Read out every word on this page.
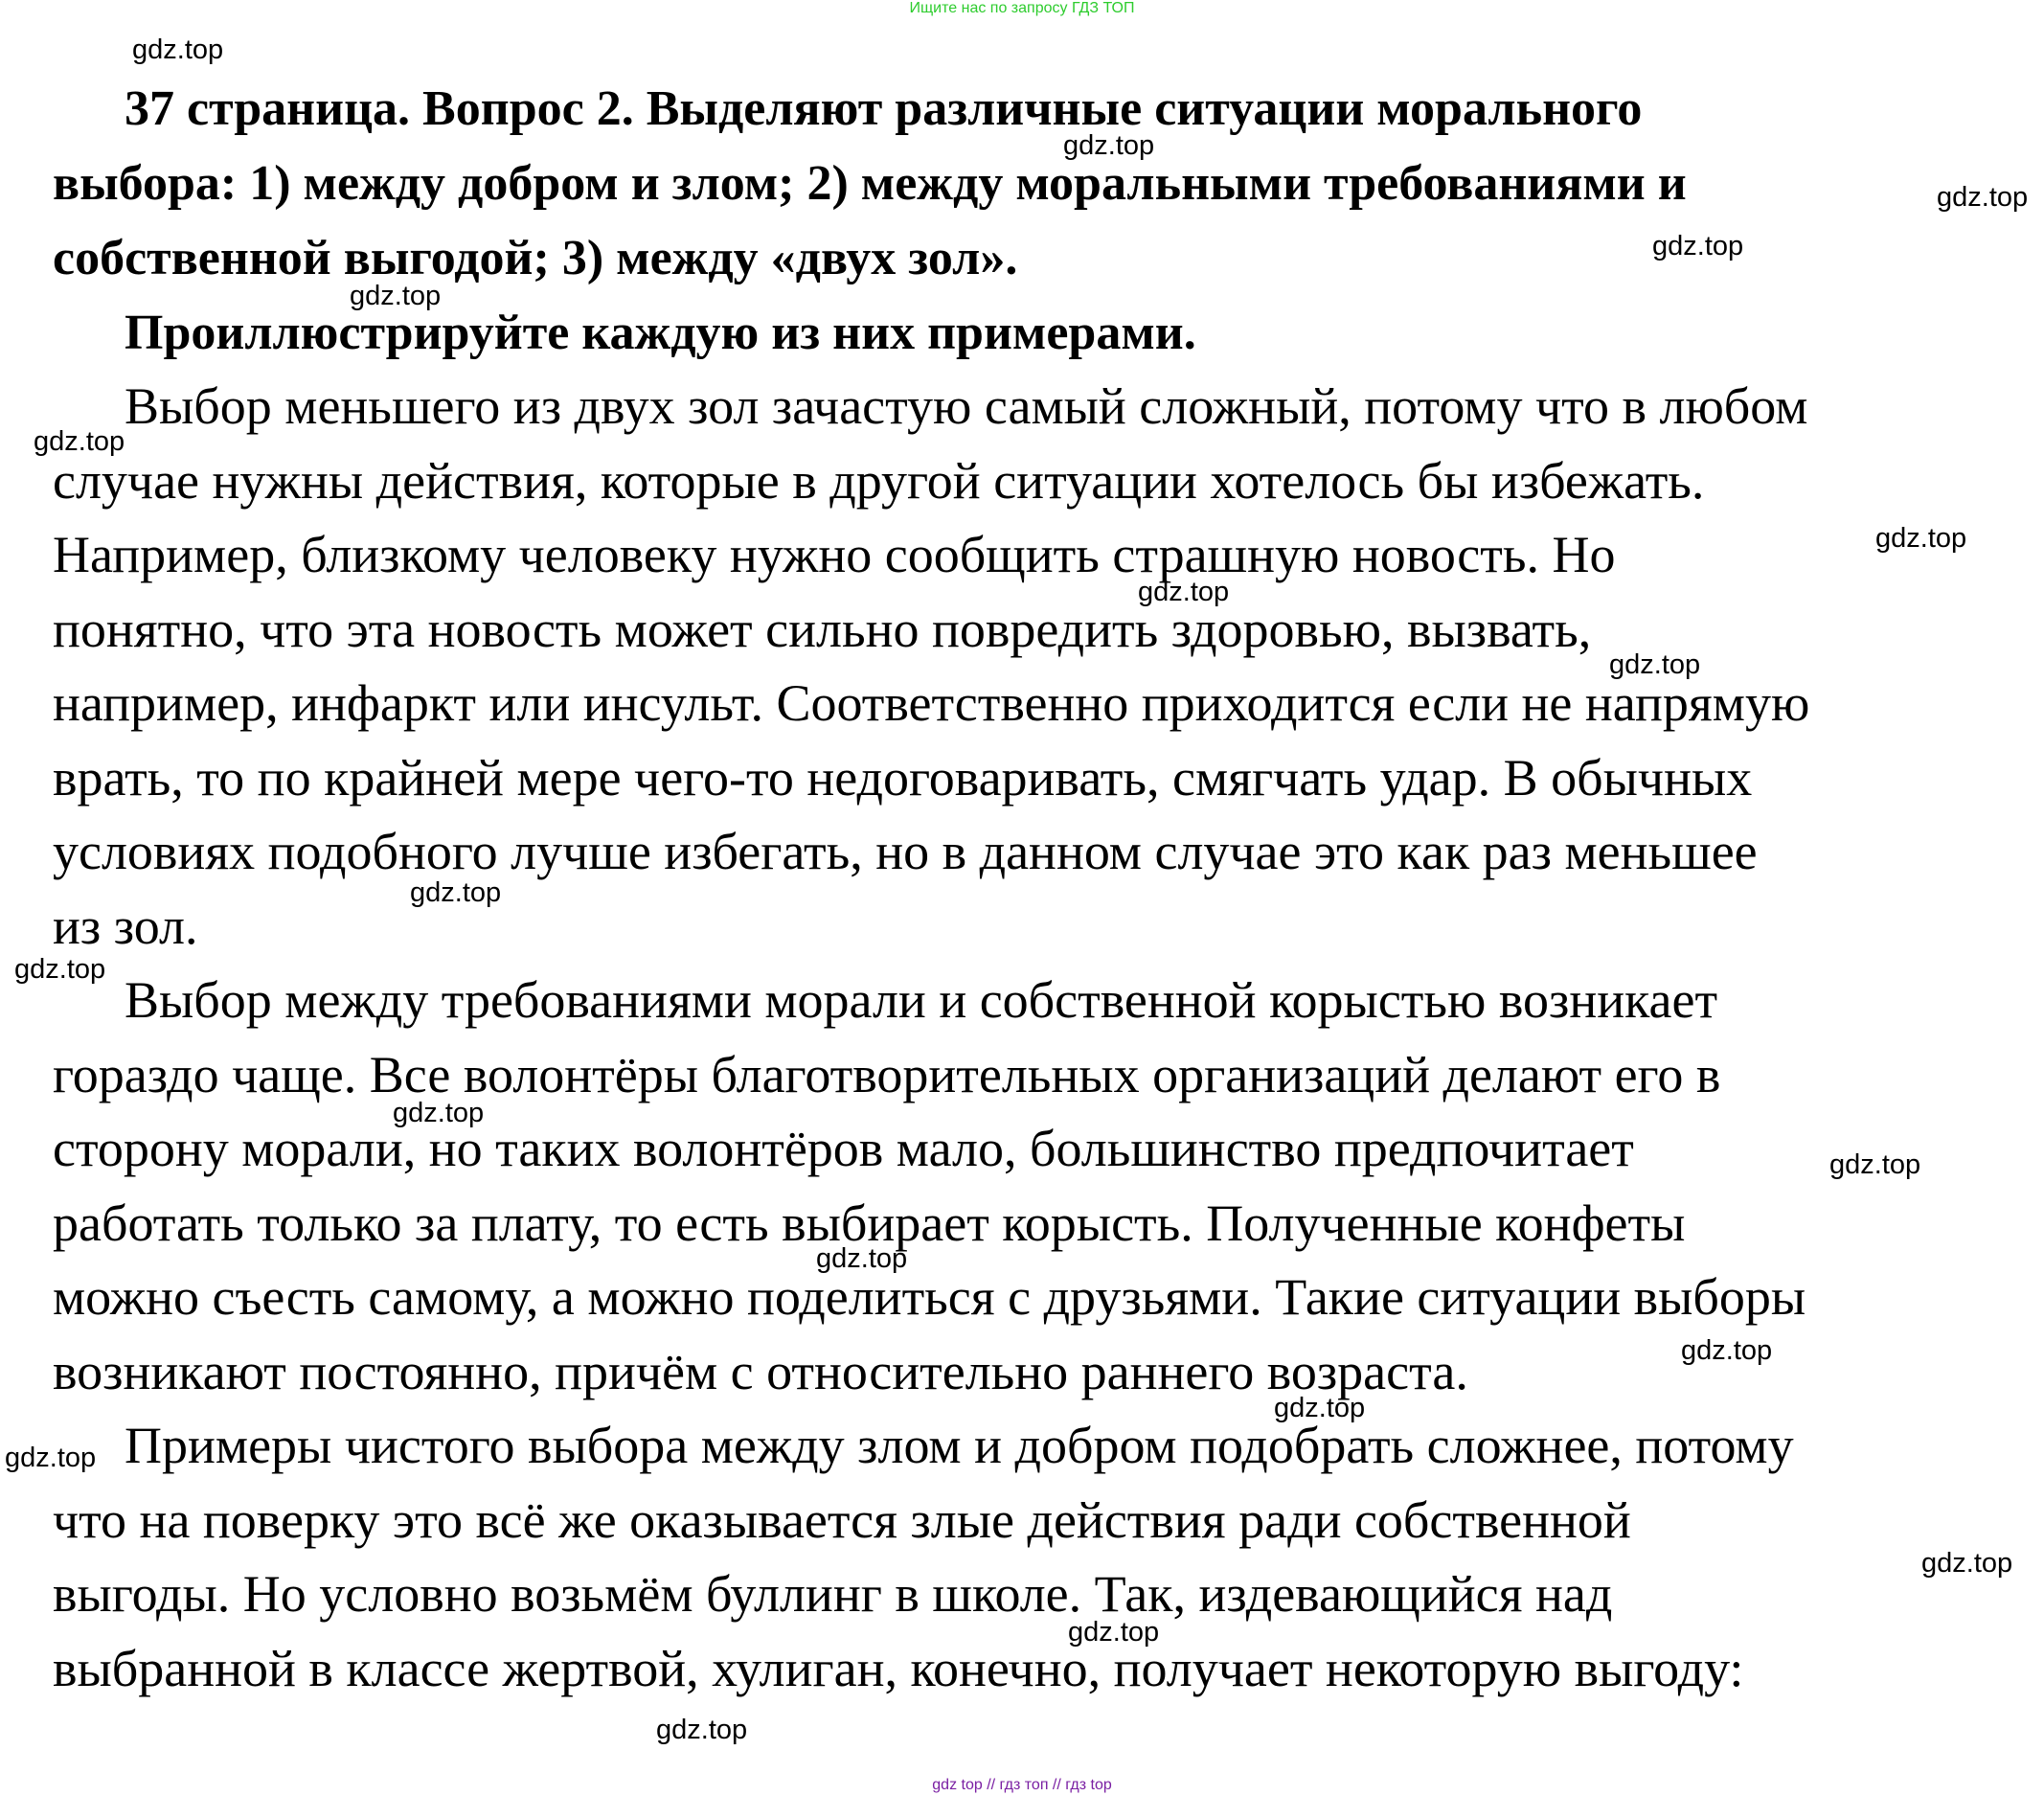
Ищите нас по запросу ГДЗ ТОП
37 страница. Вопрос 2. Выделяют различные ситуации морального
выбора: 1) между добром и злом; 2) между моральными требованиями и
собственной выгодой; 3) между «двух зол».
Проиллюстрируйте каждую из них примерами.
Выбор меньшего из двух зол зачастую самый сложный, потому что в любом
случае нужны действия, которые в другой ситуации хотелось бы избежать.
Например, близкому человеку нужно сообщить страшную новость. Но
понятно, что эта новость может сильно повредить здоровью, вызвать,
например, инфаркт или инсульт. Соответственно приходится если не напрямую
врать, то по крайней мере чего-то недоговаривать, смягчать удар. В обычных
условиях подобного лучше избегать, но в данном случае это как раз меньшее
из зол.
Выбор между требованиями морали и собственной корыстью возникает
гораздо чаще. Все волонтёры благотворительных организаций делают его в
сторону морали, но таких волонтёров мало, большинство предпочитает
работать только за плату, то есть выбирает корысть. Полученные конфеты
можно съесть самому, а можно поделиться с друзьями. Такие ситуации выборы
возникают постоянно, причём с относительно раннего возраста.
Примеры чистого выбора между злом и добром подобрать сложнее, потому
что на поверку это всё же оказывается злые действия ради собственной
выгоды. Но условно возьмём буллинг в школе. Так, издевающийся над
выбранной в классе жертвой, хулиган, конечно, получает некоторую выгоду:
gdz.top
gdz.top
gdz.top
gdz.top
gdz.top
gdz.top
gdz.top
gdz.top
gdz.top
gdz.top
gdz.top
gdz.top
gdz.top
gdz.top
gdz.top
gdz.top
gdz.top
gdz.top
gdz.top
gdz.top
gdz top // гдз топ // гдз top
